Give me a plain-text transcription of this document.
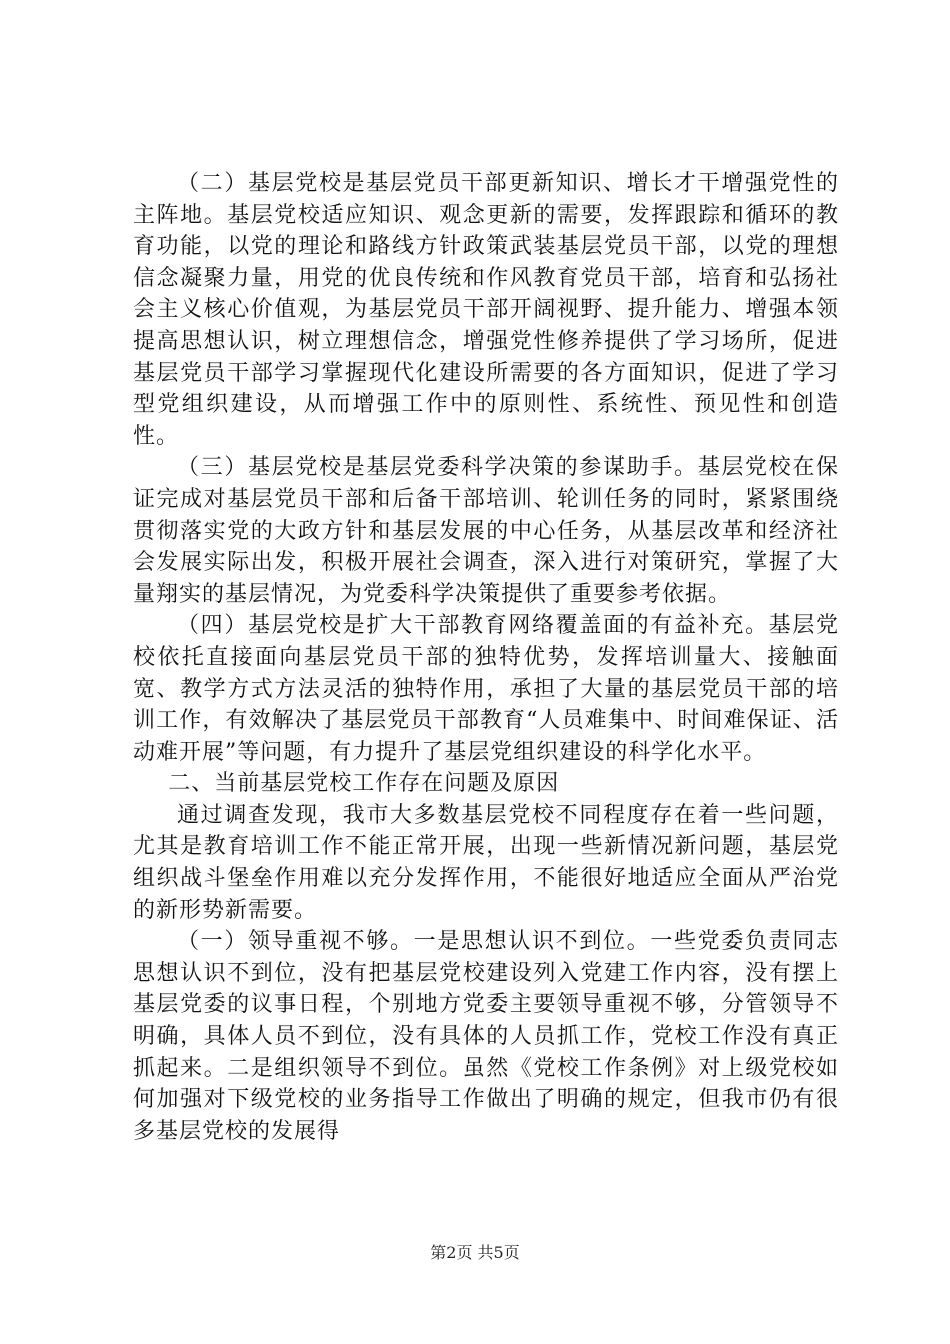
（二）基层党校是基层党员干部更新知识、增长才干增强党性的主阵地。基层党校适应知识、观念更新的需要，发挥跟踪和循环的教育功能，以党的理论和路线方针政策武装基层党员干部，以党的理想信念凝聚力量，用党的优良传统和作风教育党员干部，培育和弘扬社会主义核心价值观，为基层党员干部开阔视野、提升能力、增强本领提高思想认识，树立理想信念，增强党性修养提供了学习场所，促进基层党员干部学习掌握现代化建设所需要的各方面知识，促进了学习型党组织建设，从而增强工作中的原则性、系统性、预见性和创造性。

（三）基层党校是基层党委科学决策的参谋助手。基层党校在保证完成对基层党员干部和后备干部培训、轮训任务的同时，紧紧围绕贯彻落实党的大政方针和基层发展的中心任务，从基层改革和经济社会发展实际出发，积极开展社会调查，深入进行对策研究，掌握了大量翔实的基层情况，为党委科学决策提供了重要参考依据。

（四）基层党校是扩大干部教育网络覆盖面的有益补充。基层党校依托直接面向基层党员干部的独特优势，发挥培训量大、接触面宽、教学方式方法灵活的独特作用，承担了大量的基层党员干部的培训工作，有效解决了基层党员干部教育“人员难集中、时间难保证、活动难开展”等问题，有力提升了基层党组织建设的科学化水平。

二、当前基层党校工作存在问题及原因

通过调查发现，我市大多数基层党校不同程度存在着一些问题，尤其是教育培训工作不能正常开展，出现一些新情况新问题，基层党组织战斗堡垒作用难以充分发挥作用，不能很好地适应全面从严治党的新形势新需要。

（一）领导重视不够。一是思想认识不到位。一些党委负责同志思想认识不到位，没有把基层党校建设列入党建工作内容，没有摆上基层党委的议事日程，个别地方党委主要领导重视不够，分管领导不明确，具体人员不到位，没有具体的人员抓工作，党校工作没有真正抓起来。二是组织领导不到位。虽然《党校工作条例》对上级党校如何加强对下级党校的业务指导工作做出了明确的规定，但我市仍有很多基层党校的发展得

第2页 共5页
